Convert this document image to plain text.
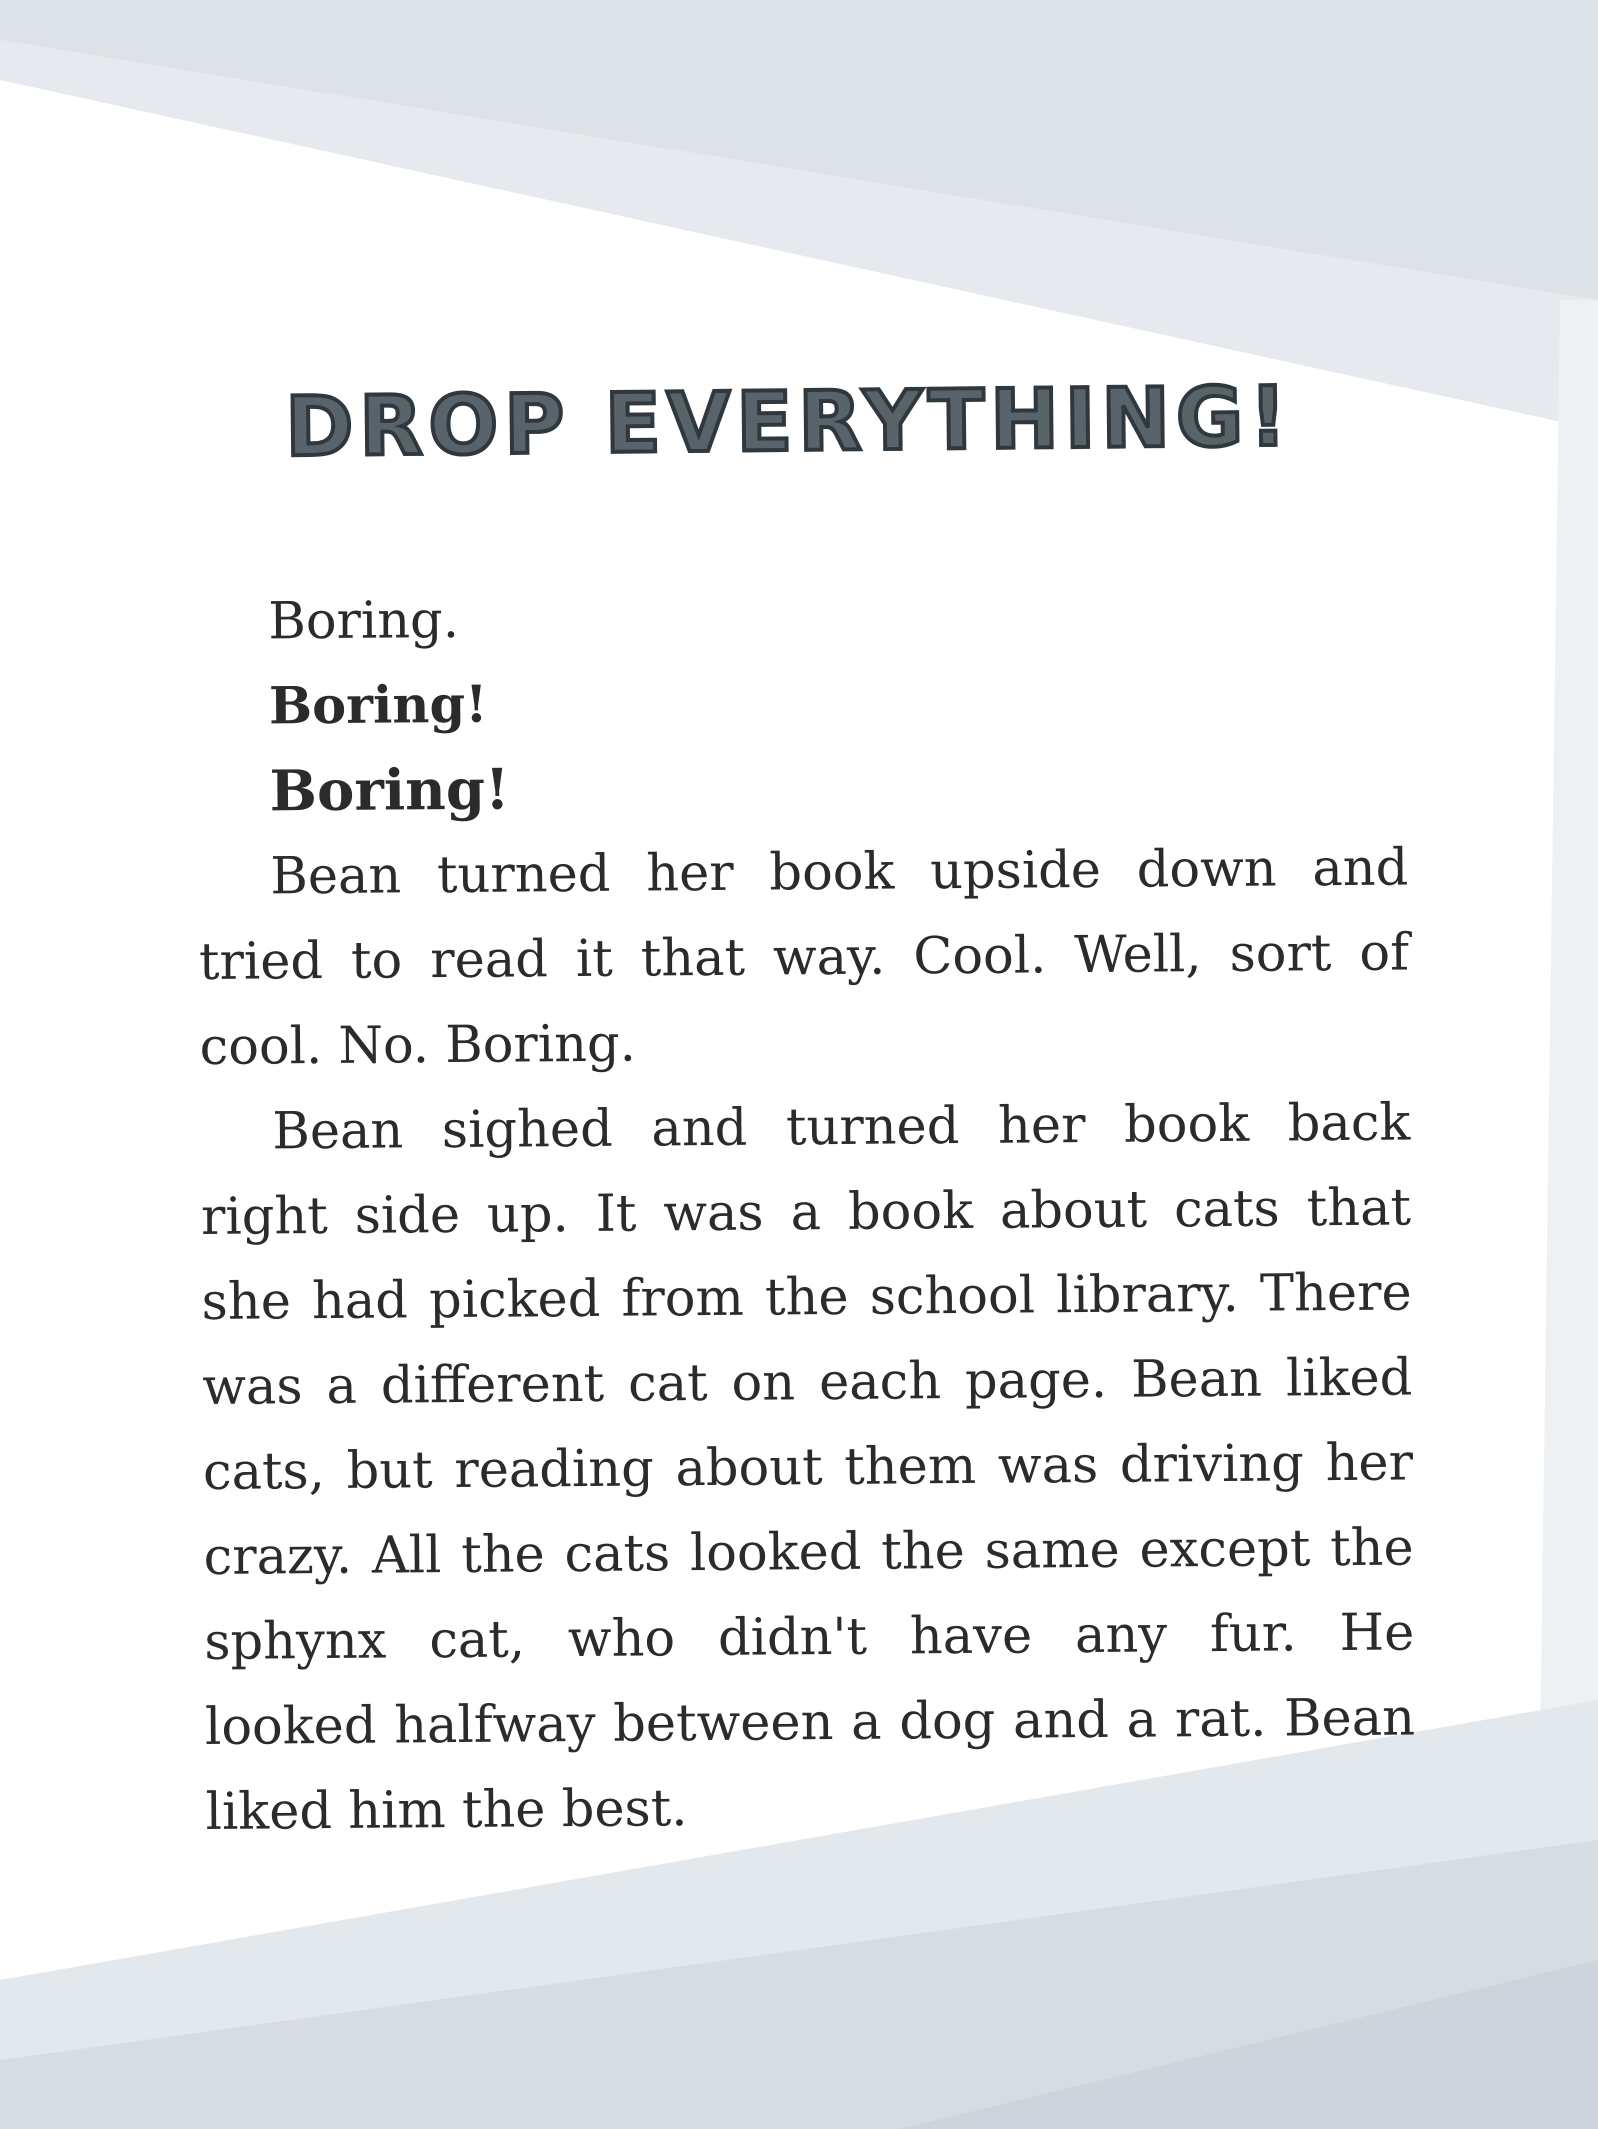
DROP EVERYTHING!

Boring.

Boring!

Boring!

Bean turned her book upside down and tried to read it that way. Cool. Well, sort of cool. No. Boring.

Bean sighed and turned her book back right side up. It was a book about cats that she had picked from the school library. There was a different cat on each page. Bean liked cats, but reading about them was driving her crazy. All the cats looked the same except the sphynx cat, who didn't have any fur. He looked halfway between a dog and a rat. Bean liked him the best.
